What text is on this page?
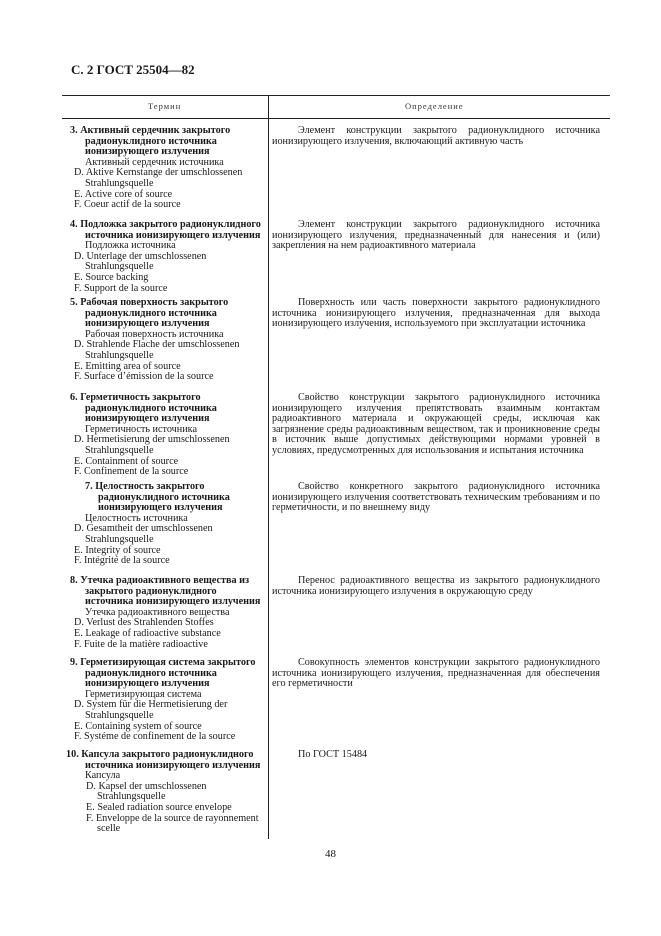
С. 2 ГОСТ 25504—82
Термин	Определение
3. Активный сердечник закрытого радионуклидного источника ионизирующего излучения
Активный сердечник источника
D. Aktive Kernstange der umschlossenen Strahlungsquelle
E. Active core of source
F. Coeur actif de la source
Элемент конструкции закрытого радионуклидного источника ионизирующего излучения, включающий активную часть
4. Подложка закрытого радионуклидного источника ионизирующего излучения
Подложка источника
D. Unterlage der umschlossenen Strahlungsquelle
E. Source backing
F. Support de la source
Элемент конструкции закрытого радионуклидного источника ионизирующего излучения, предназначенный для нанесения и (или) закрепления на нем радиоактивного материала
5. Рабочая поверхность закрытого радионуклидного источника ионизирующего излучения
Рабочая поверхность источника
D. Strahlende Flache der umschlossenen Strahlungsquelle
E. Emitting area of source
F. Surface d’émission de la source
Поверхность или часть поверхности закрытого радионуклидного источника ионизирующего излучения, предназначенная для выхода ионизирующего излучения, используемого при эксплуатации источника
6. Герметичность закрытого радионуклидного источника ионизирующего излучения
Герметичность источника
D. Hermetisierung der umschlossenen Strahlungsquelle
E. Containment of source
F. Confinement de la source
Свойство конструкции закрытого радионуклидного источника ионизирующего излучения препятствовать взаимным контактам радиоактивного материала и окружающей среды, исключая как загрязнение среды радиоактивным веществом, так и проникновение среды в источник выше допустимых действующими нормами уровней в условиях, предусмотренных для использования и испытания источника
7. Целостность закрытого радионуклидного источника ионизирующего излучения
Целостность источника
D. Gesamtheit der umschlossenen Strahlungsquelle
E. Integrity of source
F. Intégrité de la source
Свойство конкретного закрытого радионуклидного источника ионизирующего излучения соответствовать техническим требованиям и по герметичности, и по внешнему виду
8. Утечка радиоактивного вещества из закрытого радионуклидного источника ионизирующего излучения
Утечка радиоактивного вещества
D. Verlust des Strahlenden Stoffes
E. Leakage of radioactive substance
F. Fuite de la matière radioactive
Перенос радиоактивного вещества из закрытого радионуклидного источника ионизирующего излучения в окружающую среду
9. Герметизирующая система закрытого радионуклидного источника ионизирующего излучения
Герметизирующая система
D. System für die Hermetisierung der Strahlungsquelle
E. Containing system of source
F. Systéme de confinement de la source
Совокупность элементов конструкции закрытого радионуклидного источника ионизирующего излучения, предназначенная для обеспечения его герметичности
10. Капсула закрытого радионуклидного источника ионизирующего излучения
Капсула
D. Kapsel der umschlossenen Strahlungsquelle
E. Sealed radiation source envelope
F. Enveloppe de la source de rayonnement scelle
По ГОСТ 15484
48
